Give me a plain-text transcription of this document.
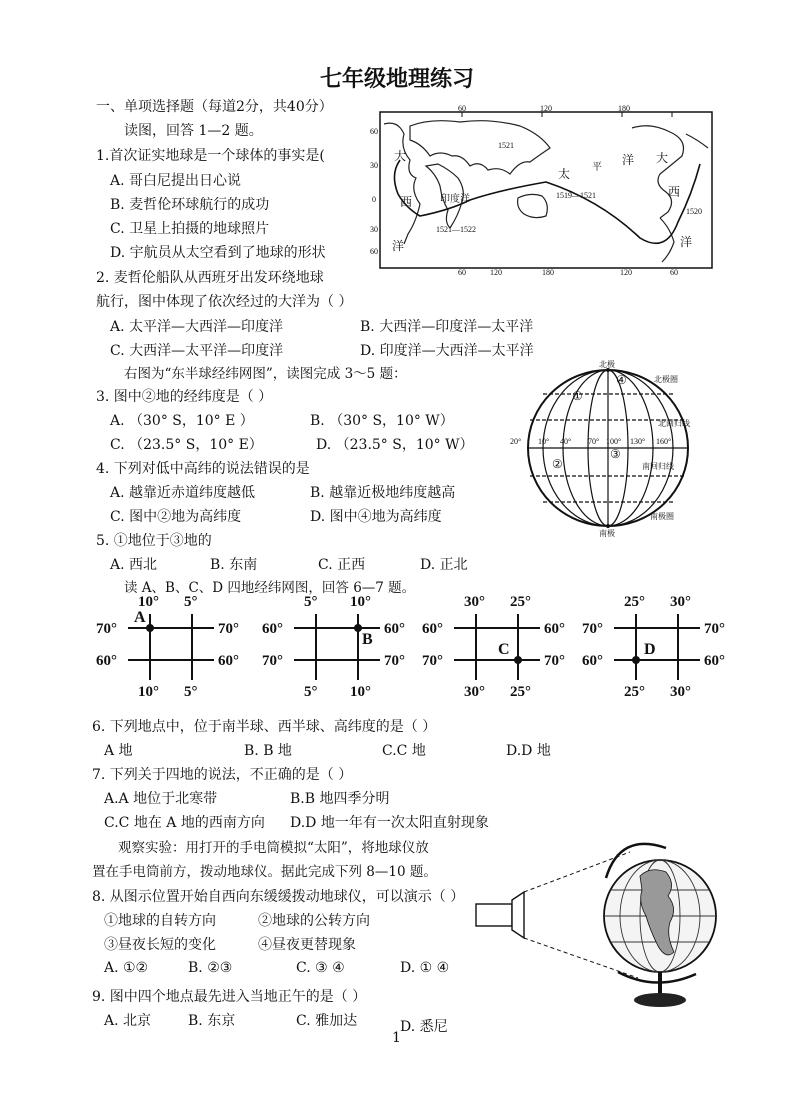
七年级地理练习
一、单项选择题（每道2分，共40分）
读图，回答 1—2 题。
1.首次证实地球是一个球体的事实是(
A. 哥白尼提出日心说
B. 麦哲伦环球航行的成功
C. 卫星上拍摄的地球照片
D. 宇航员从太空看到了地球的形状
2. 麦哲伦船队从西班牙出发环绕地球
航行，图中体现了依次经过的大洋为（ ）
A. 太平洋—大西洋—印度洋	B. 大西洋—印度洋—太平洋
C. 大西洋—太平洋—印度洋	D. 印度洋—大西洋—太平洋
右图为“东半球经纬网图”，读图完成 3～5 题：
3. 图中②地的经纬度是（ ）
A. （30° S，10° E ）	B. （30° S，10° W）
C. （23.5° S，10° E）	D. （23.5° S，10° W）
4. 下列对低中高纬的说法错误的是
A. 越靠近赤道纬度越低	B. 越靠近极地纬度越高
C. 图中②地为高纬度	D. 图中④地为高纬度
5. ①地位于③地的
A. 西北	B. 东南	C. 正西	D. 正北
读 A、B、C、D 四地经纬网图，回答 6—7 题。
大
西
洋
印度洋
太 平
洋 大
西
洋
1521—1522
1519—1521
1521
1520
60	120	180
60	120	180	120	60
60
30
0
30
60
北极
南极
北极圈
北回归线
南回归线
南极圈
20° 10° 40° 70° 100° 130° 160°
①
②
③
④
10° 5°
10° 5°
70°
60°
70°
60°
A
5° 10°
5° 10°
60°
70°
60°
70°
B
30° 25°
30° 25°
60°
70°
60°
70°
C
25° 30°
25° 30°
70°
60°
70°
60°
D
6. 下列地点中，位于南半球、西半球、高纬度的是（ ）
A 地	B. B 地	C.C 地	D.D 地
7. 下列关于四地的说法，不正确的是（ ）
A.A 地位于北寒带	B.B 地四季分明
C.C 地在 A 地的西南方向 D.D 地一年有一次太阳直射现象
观察实验：用打开的手电筒模拟“太阳”，将地球仪放
置在手电筒前方，拨动地球仪。据此完成下列 8—10 题。
8. 从图示位置开始自西向东缓缓拨动地球仪，可以演示（ ）
①地球的自转方向	②地球的公转方向
③昼夜长短的变化	④昼夜更替现象
A. ①②	B. ②③	C. ③ ④	D. ① ④
9. 图中四个地点最先进入当地正午的是（ ）
A. 北京	B. 东京	C. 雅加达	D. 悉尼
1
